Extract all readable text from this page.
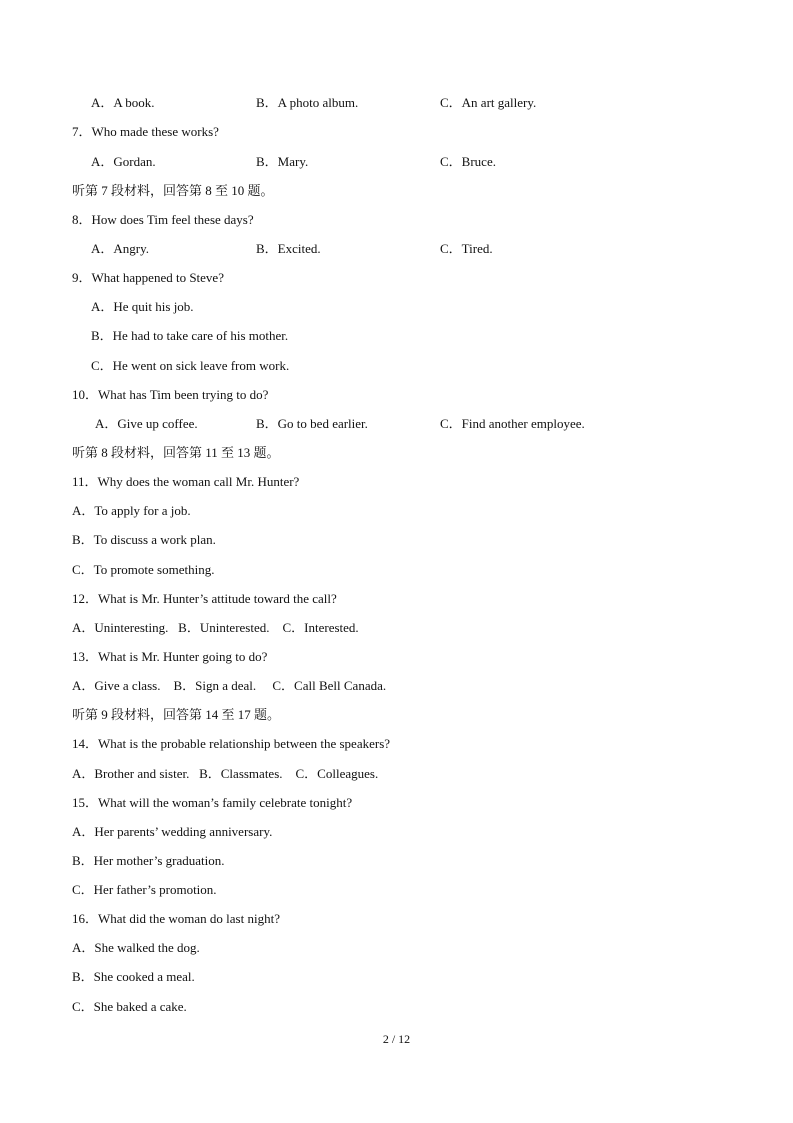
A．A book.	B．A photo album.	C．An art gallery.
7．Who made these works?
A．Gordan.	B．Mary.	C．Bruce.
听第 7 段材料，回答第 8 至 10 题。
8．How does Tim feel these days?
A．Angry.	B．Excited.	C．Tired.
9．What happened to Steve?
A．He quit his job.
B．He had to take care of his mother.
C．He went on sick leave from work.
10．What has Tim been trying to do?
A．Give up coffee.	B．Go to bed earlier.	C．Find another employee.
听第 8 段材料，回答第 11 至 13 题。
11．Why does the woman call Mr. Hunter?
A．To apply for a job.
B．To discuss a work plan.
C．To promote something.
12．What is Mr. Hunter’s attitude toward the call?
A．Uninteresting.   B．Uninterested.    C．Interested.
13．What is Mr. Hunter going to do?
A．Give a class.    B．Sign a deal.     C．Call Bell Canada.
听第 9 段材料，回答第 14 至 17 题。
14．What is the probable relationship between the speakers?
A．Brother and sister.   B．Classmates.    C．Colleagues.
15．What will the woman’s family celebrate tonight?
A．Her parents’ wedding anniversary.
B．Her mother’s graduation.
C．Her father’s promotion.
16．What did the woman do last night?
A．She walked the dog.
B．She cooked a meal.
C．She baked a cake.
2 / 12
